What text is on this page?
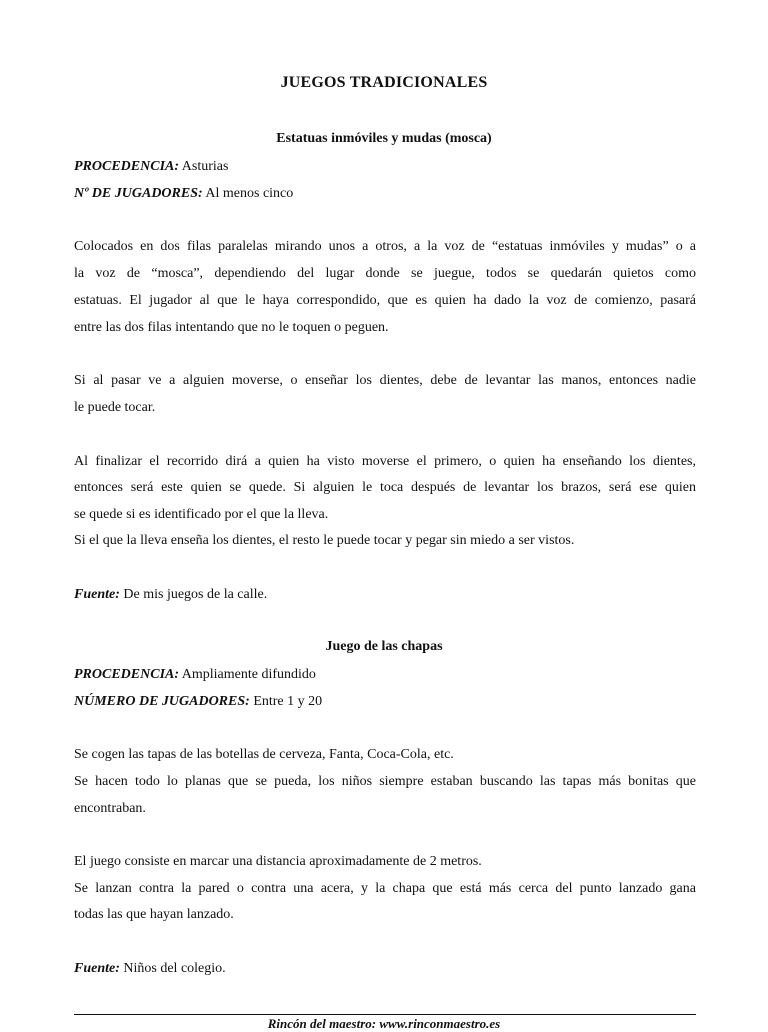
JUEGOS TRADICIONALES
Estatuas inmóviles y mudas (mosca)
PROCEDENCIA: Asturias
Nº DE JUGADORES: Al menos cinco
Colocados en dos filas paralelas mirando unos a otros, a la voz de “estatuas inmóviles y mudas” o a
la voz de “mosca”, dependiendo del lugar donde se juegue, todos se quedarán quietos como
estatuas. El jugador al que le haya correspondido, que es quien ha dado la voz de comienzo, pasará
entre las dos filas intentando que no le toquen o peguen.
Si al pasar ve a alguien moverse, o enseñar los dientes, debe de levantar las manos, entonces nadie
le puede tocar.
Al finalizar el recorrido dirá a quien ha visto moverse el primero, o quien ha enseñando los dientes,
entonces será este quien se quede. Si alguien le toca después de levantar los brazos, será ese quien
se quede si es identificado por el que la lleva.
Si el que la lleva enseña los dientes, el resto le puede tocar y pegar sin miedo a ser vistos.
Fuente: De mis juegos de la calle.
Juego de las chapas
PROCEDENCIA: Ampliamente difundido
NÚMERO DE JUGADORES: Entre 1 y 20
Se cogen las tapas de las botellas de cerveza, Fanta, Coca-Cola, etc.
Se hacen todo lo planas que se pueda, los niños siempre estaban buscando las tapas más bonitas que
encontraban.
El juego consiste en marcar una distancia aproximadamente de 2 metros.
Se lanzan contra la pared o contra una acera, y la chapa que está más cerca del punto lanzado gana
todas las que hayan lanzado.
Fuente: Niños del colegio.
Rincón del maestro: www.rinconmaestro.es
